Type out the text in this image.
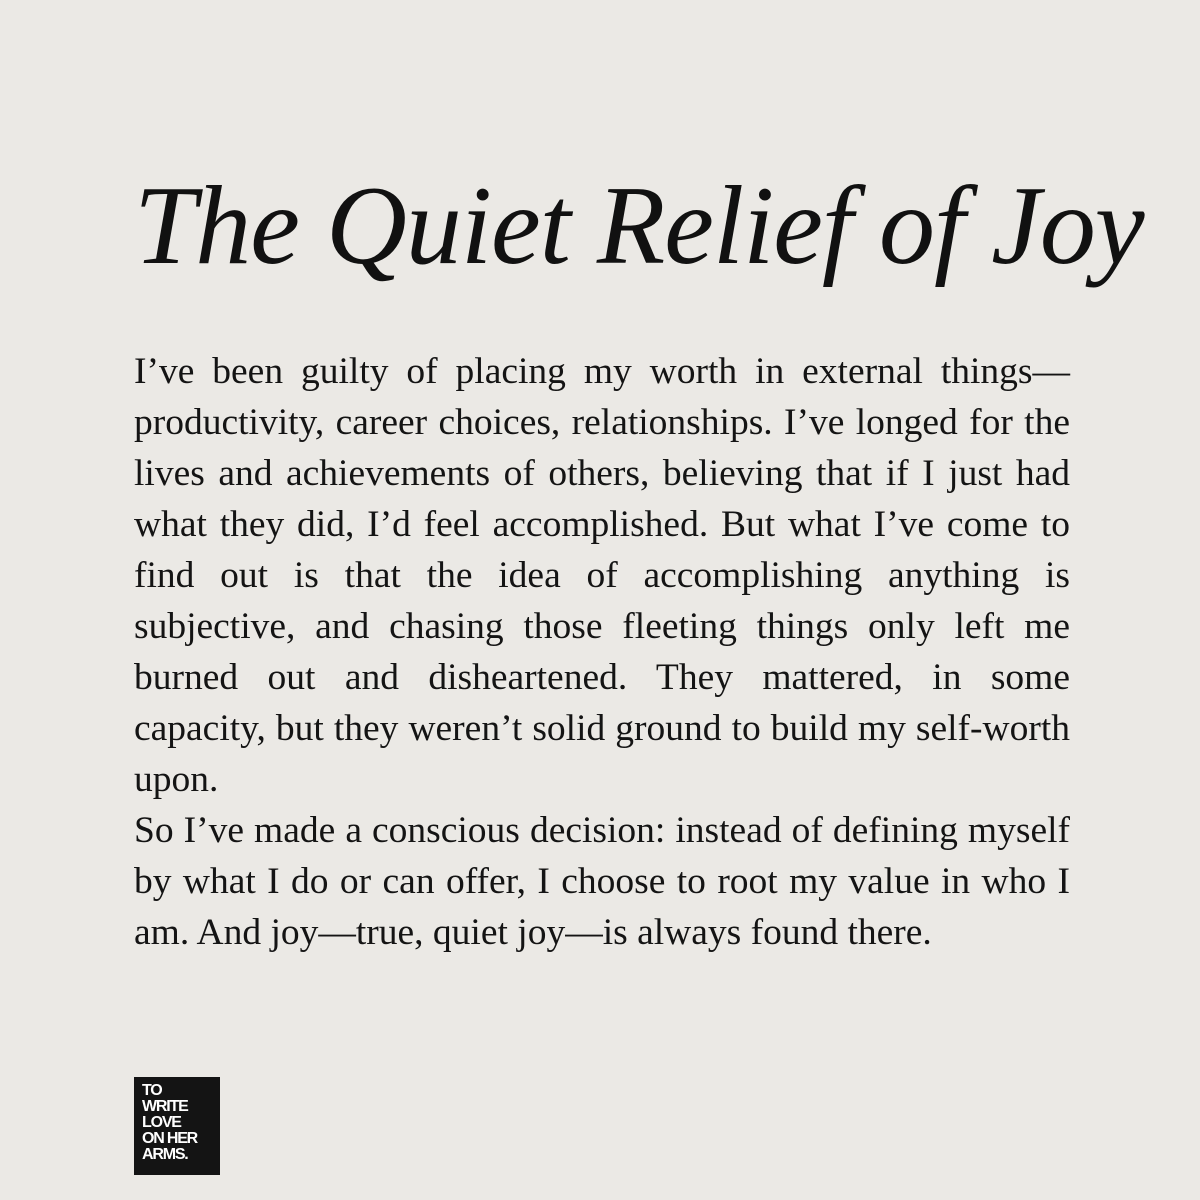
The Quiet Relief of Joy

I’ve been guilty of placing my worth in external things—productivity, career choices, relationships. I’ve longed for the lives and achievements of others, believing that if I just had what they did, I’d feel accomplished. But what I’ve come to find out is that the idea of accomplishing anything is subjective, and chasing those fleeting things only left me burned out and disheartened. They mattered, in some capacity, but they weren’t solid ground to build my self-worth upon.

So I’ve made a conscious decision: instead of defining myself by what I do or can offer, I choose to root my value in who I am. And joy—true, quiet joy—is always found there.

TO
WRITE
LOVE
ON HER
ARMS.
